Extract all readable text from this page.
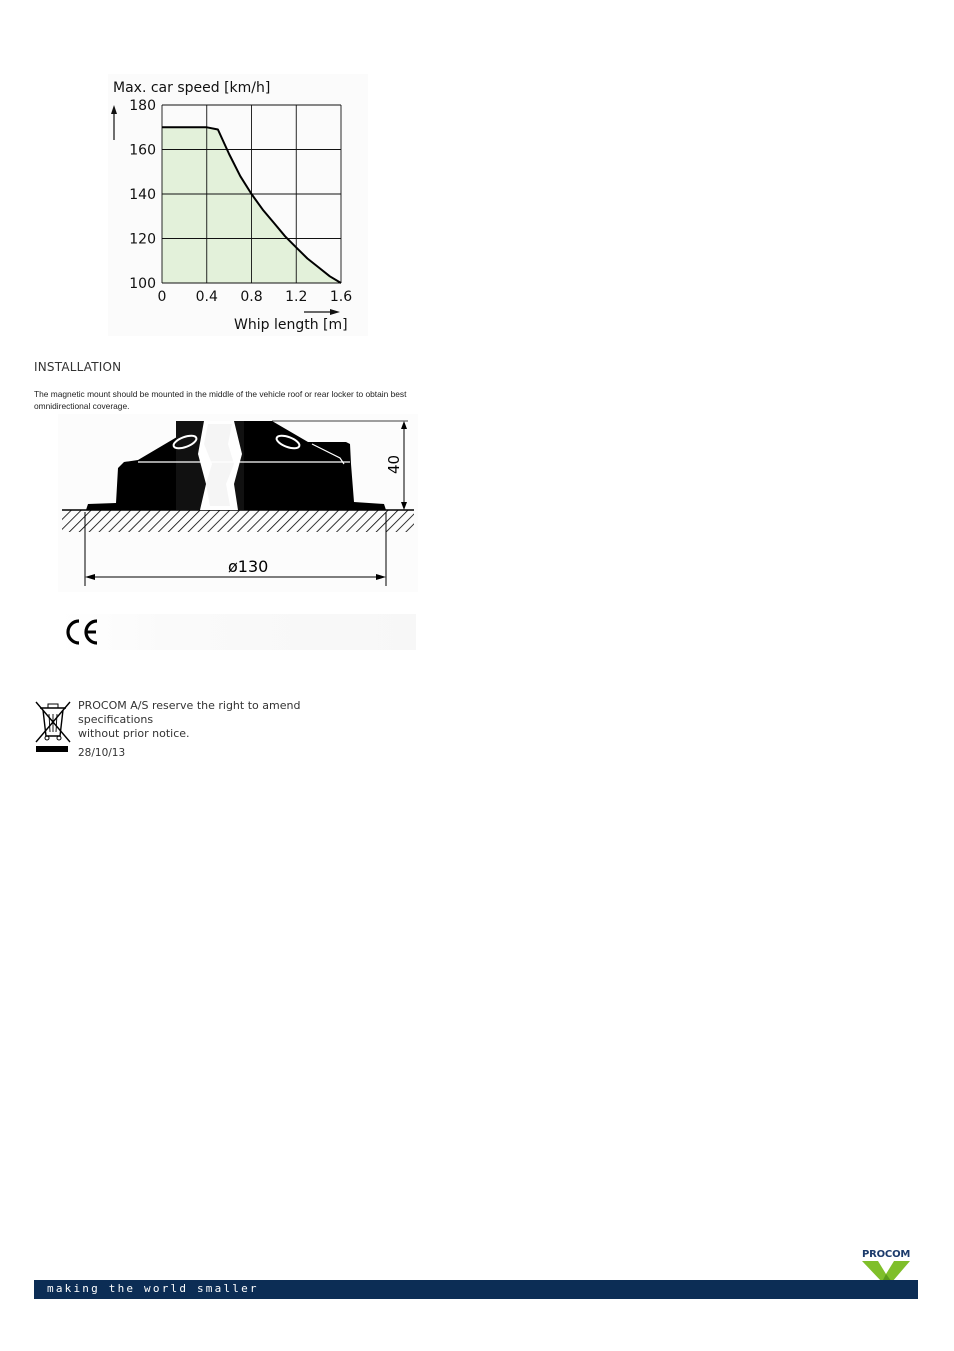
Max. car speed [km/h]
180
160
140
120
100
0 0.4 0.8 1.2 1.6
Whip length [m]
INSTALLATION
The magnetic mount should be mounted in the middle of the vehicle roof or rear locker to obtain best omnidirectional coverage.
40
ø130
PROCOM A/S reserve the right to amend specifications
without prior notice.
28/10/13
PROCOM
making the world smaller
